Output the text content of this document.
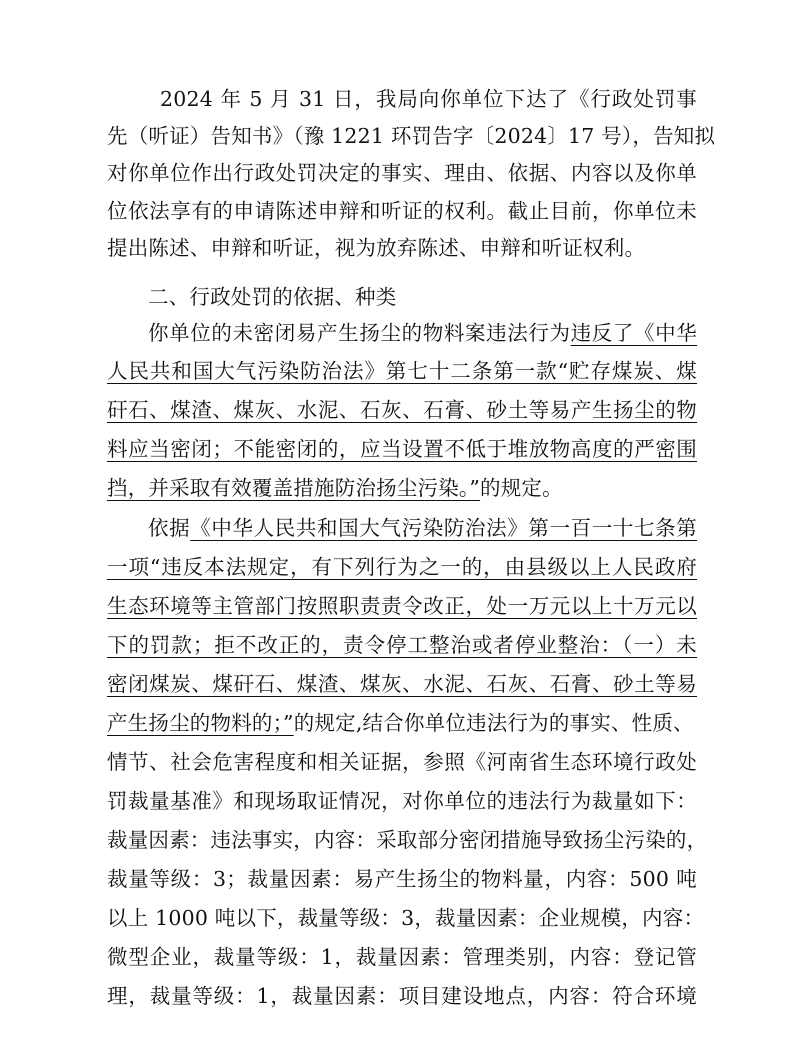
2024 年 5 月 31 日，我局向你单位下达了《行政处罚事
先（听证）告知书》（豫 1221 环罚告字〔2024〕17 号），告知拟
对你单位作出行政处罚决定的事实、理由、依据、内容以及你单
位依法享有的申请陈述申辩和听证的权利。截止目前，你单位未
提出陈述、申辩和听证，视为放弃陈述、申辩和听证权利。
二、行政处罚的依据、种类
你单位的未密闭易产生扬尘的物料案违法行为违反了《中华
人民共和国大气污染防治法》第七十二条第一款“贮存煤炭、煤
矸石、煤渣、煤灰、水泥、石灰、石膏、砂土等易产生扬尘的物
料应当密闭；不能密闭的，应当设置不低于堆放物高度的严密围
挡，并采取有效覆盖措施防治扬尘污染。”的规定。
依据《中华人民共和国大气污染防治法》第一百一十七条第
一项“违反本法规定，有下列行为之一的，由县级以上人民政府
生态环境等主管部门按照职责责令改正，处一万元以上十万元以
下的罚款；拒不改正的，责令停工整治或者停业整治：（一）未
密闭煤炭、煤矸石、煤渣、煤灰、水泥、石灰、石膏、砂土等易
产生扬尘的物料的；”的规定,结合你单位违法行为的事实、性质、
情节、社会危害程度和相关证据，参照《河南省生态环境行政处
罚裁量基准》和现场取证情况，对你单位的违法行为裁量如下：
裁量因素：违法事实，内容：采取部分密闭措施导致扬尘污染的，
裁量等级：3；裁量因素：易产生扬尘的物料量，内容：500 吨
以上 1000 吨以下，裁量等级：3，裁量因素：企业规模，内容：
微型企业，裁量等级：1，裁量因素：管理类别，内容：登记管
理，裁量等级：1，裁量因素：项目建设地点，内容：符合环境
